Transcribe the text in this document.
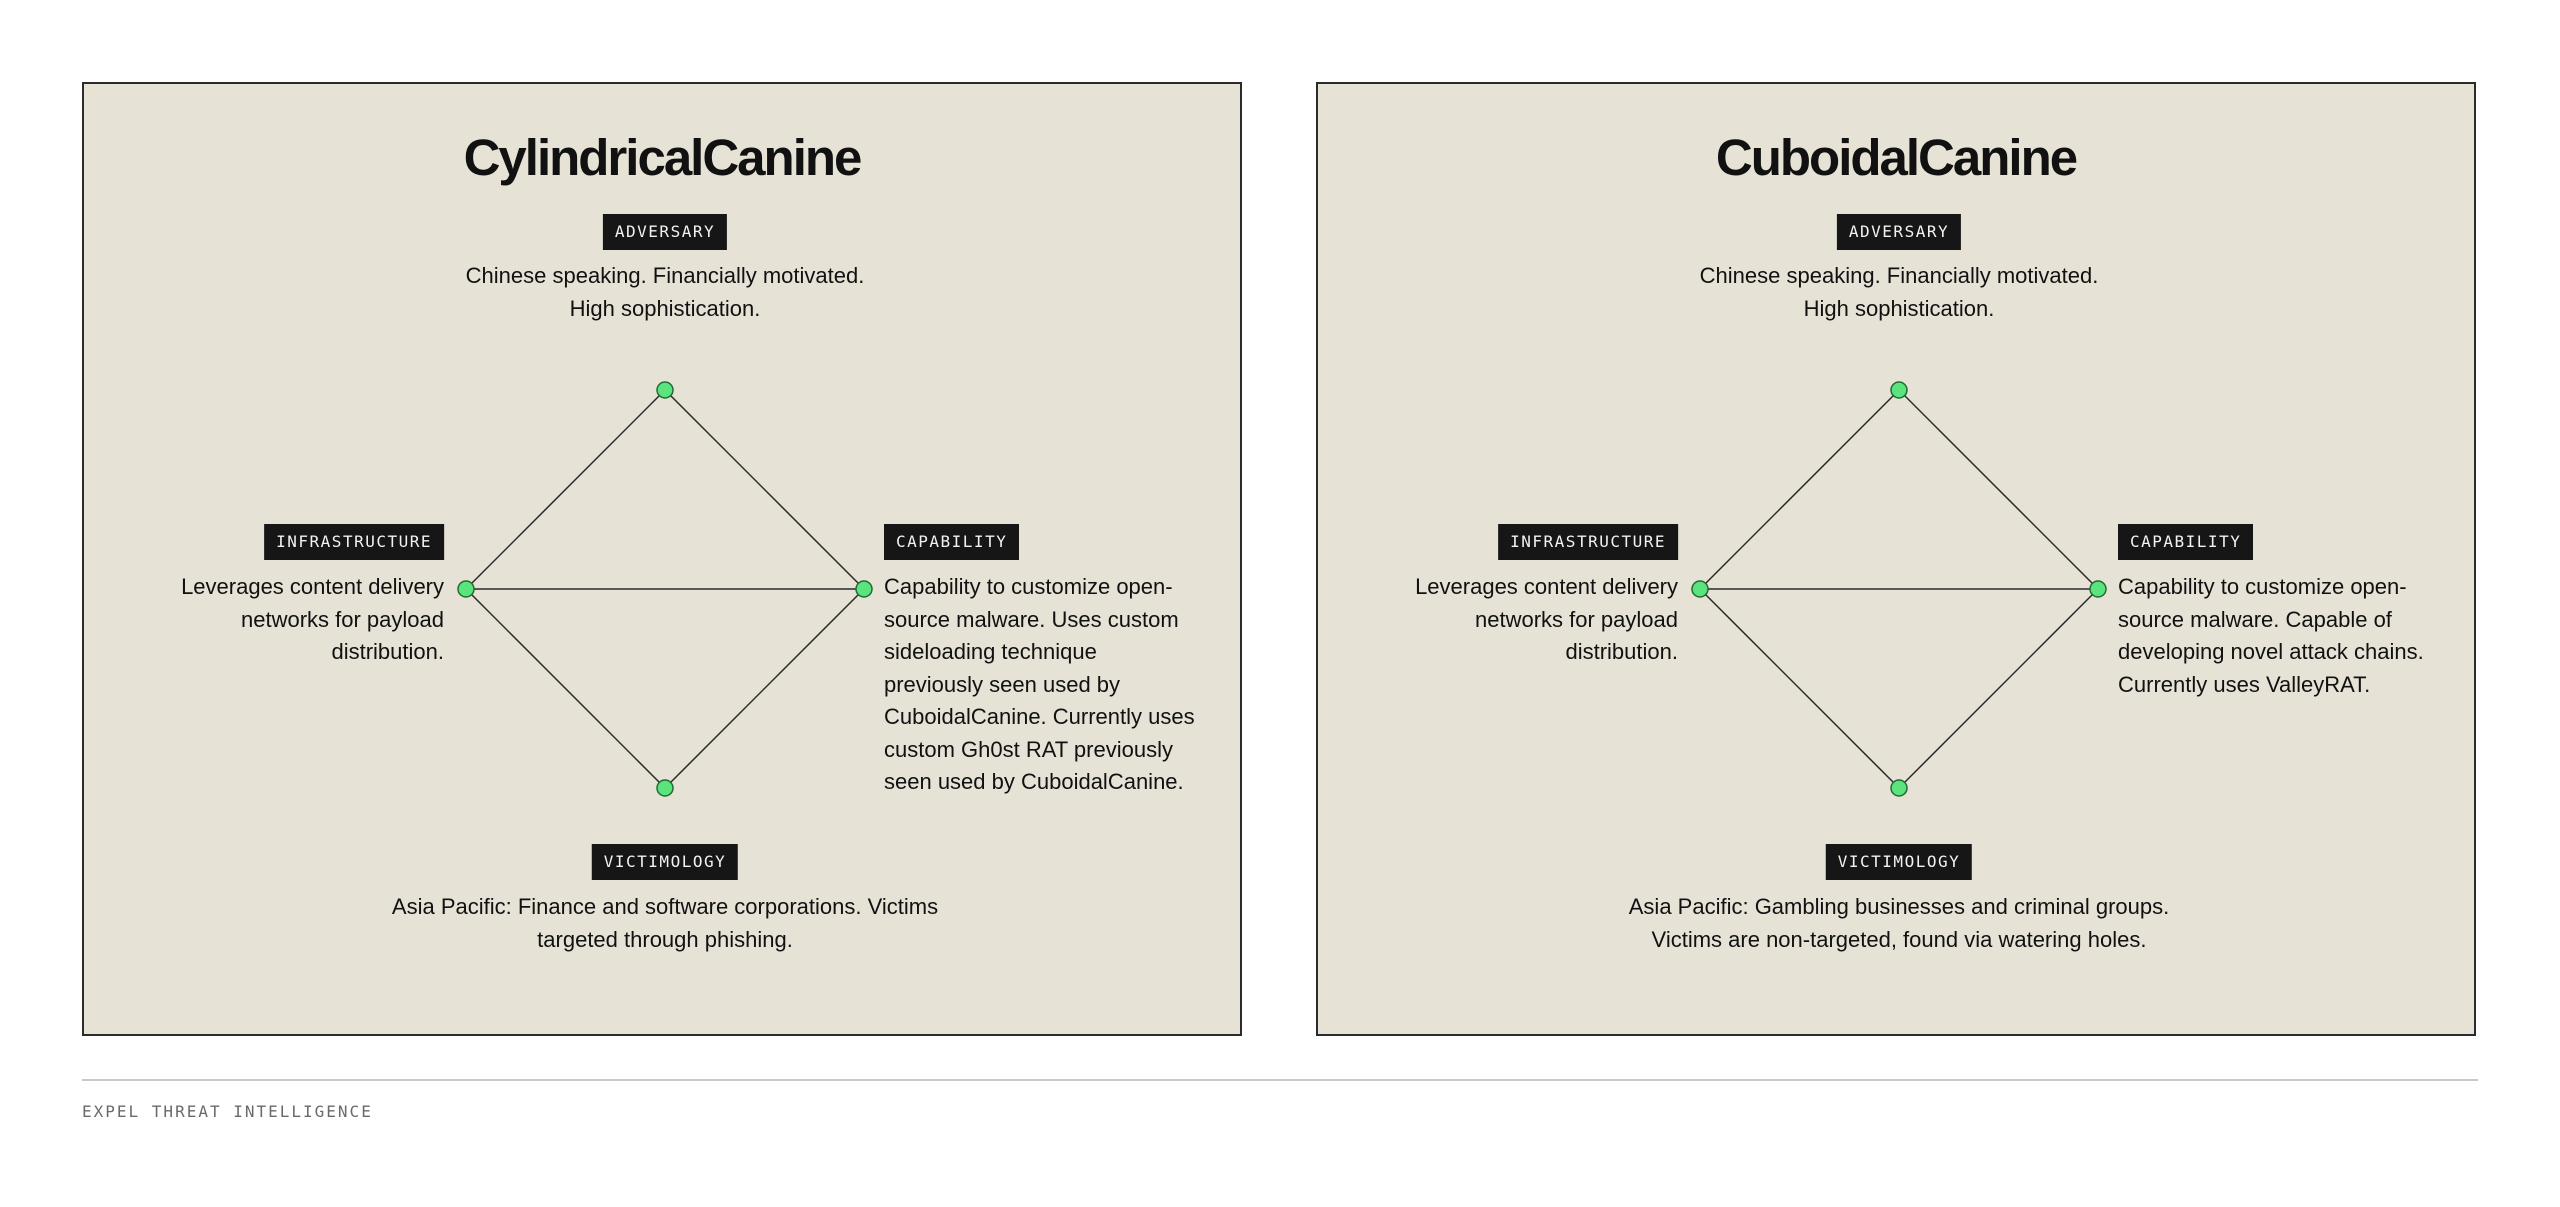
CylindricalCanine
ADVERSARY

Chinese speaking. Financially motivated.
High sophistication.

INFRASTRUCTURE

Leverages content delivery
networks for payload
distribution.

CAPABILITY

Capability to customize open-
source malware. Uses custom
sideloading technique
previously seen used by
CuboidalCanine. Currently uses
custom Gh0st RAT previously
seen used by CuboidalCanine.

VICTIMOLOGY

Asia Pacific: Finance and software corporations. Victims
targeted through phishing.

CuboidalCanine
ADVERSARY

Chinese speaking. Financially motivated.
High sophistication.

INFRASTRUCTURE

Leverages content delivery
networks for payload
distribution.

CAPABILITY

Capability to customize open-
source malware. Capable of
developing novel attack chains.
Currently uses ValleyRAT.

VICTIMOLOGY

Asia Pacific: Gambling businesses and criminal groups.
Victims are non-targeted, found via watering holes.

EXPEL THREAT INTELLIGENCE
